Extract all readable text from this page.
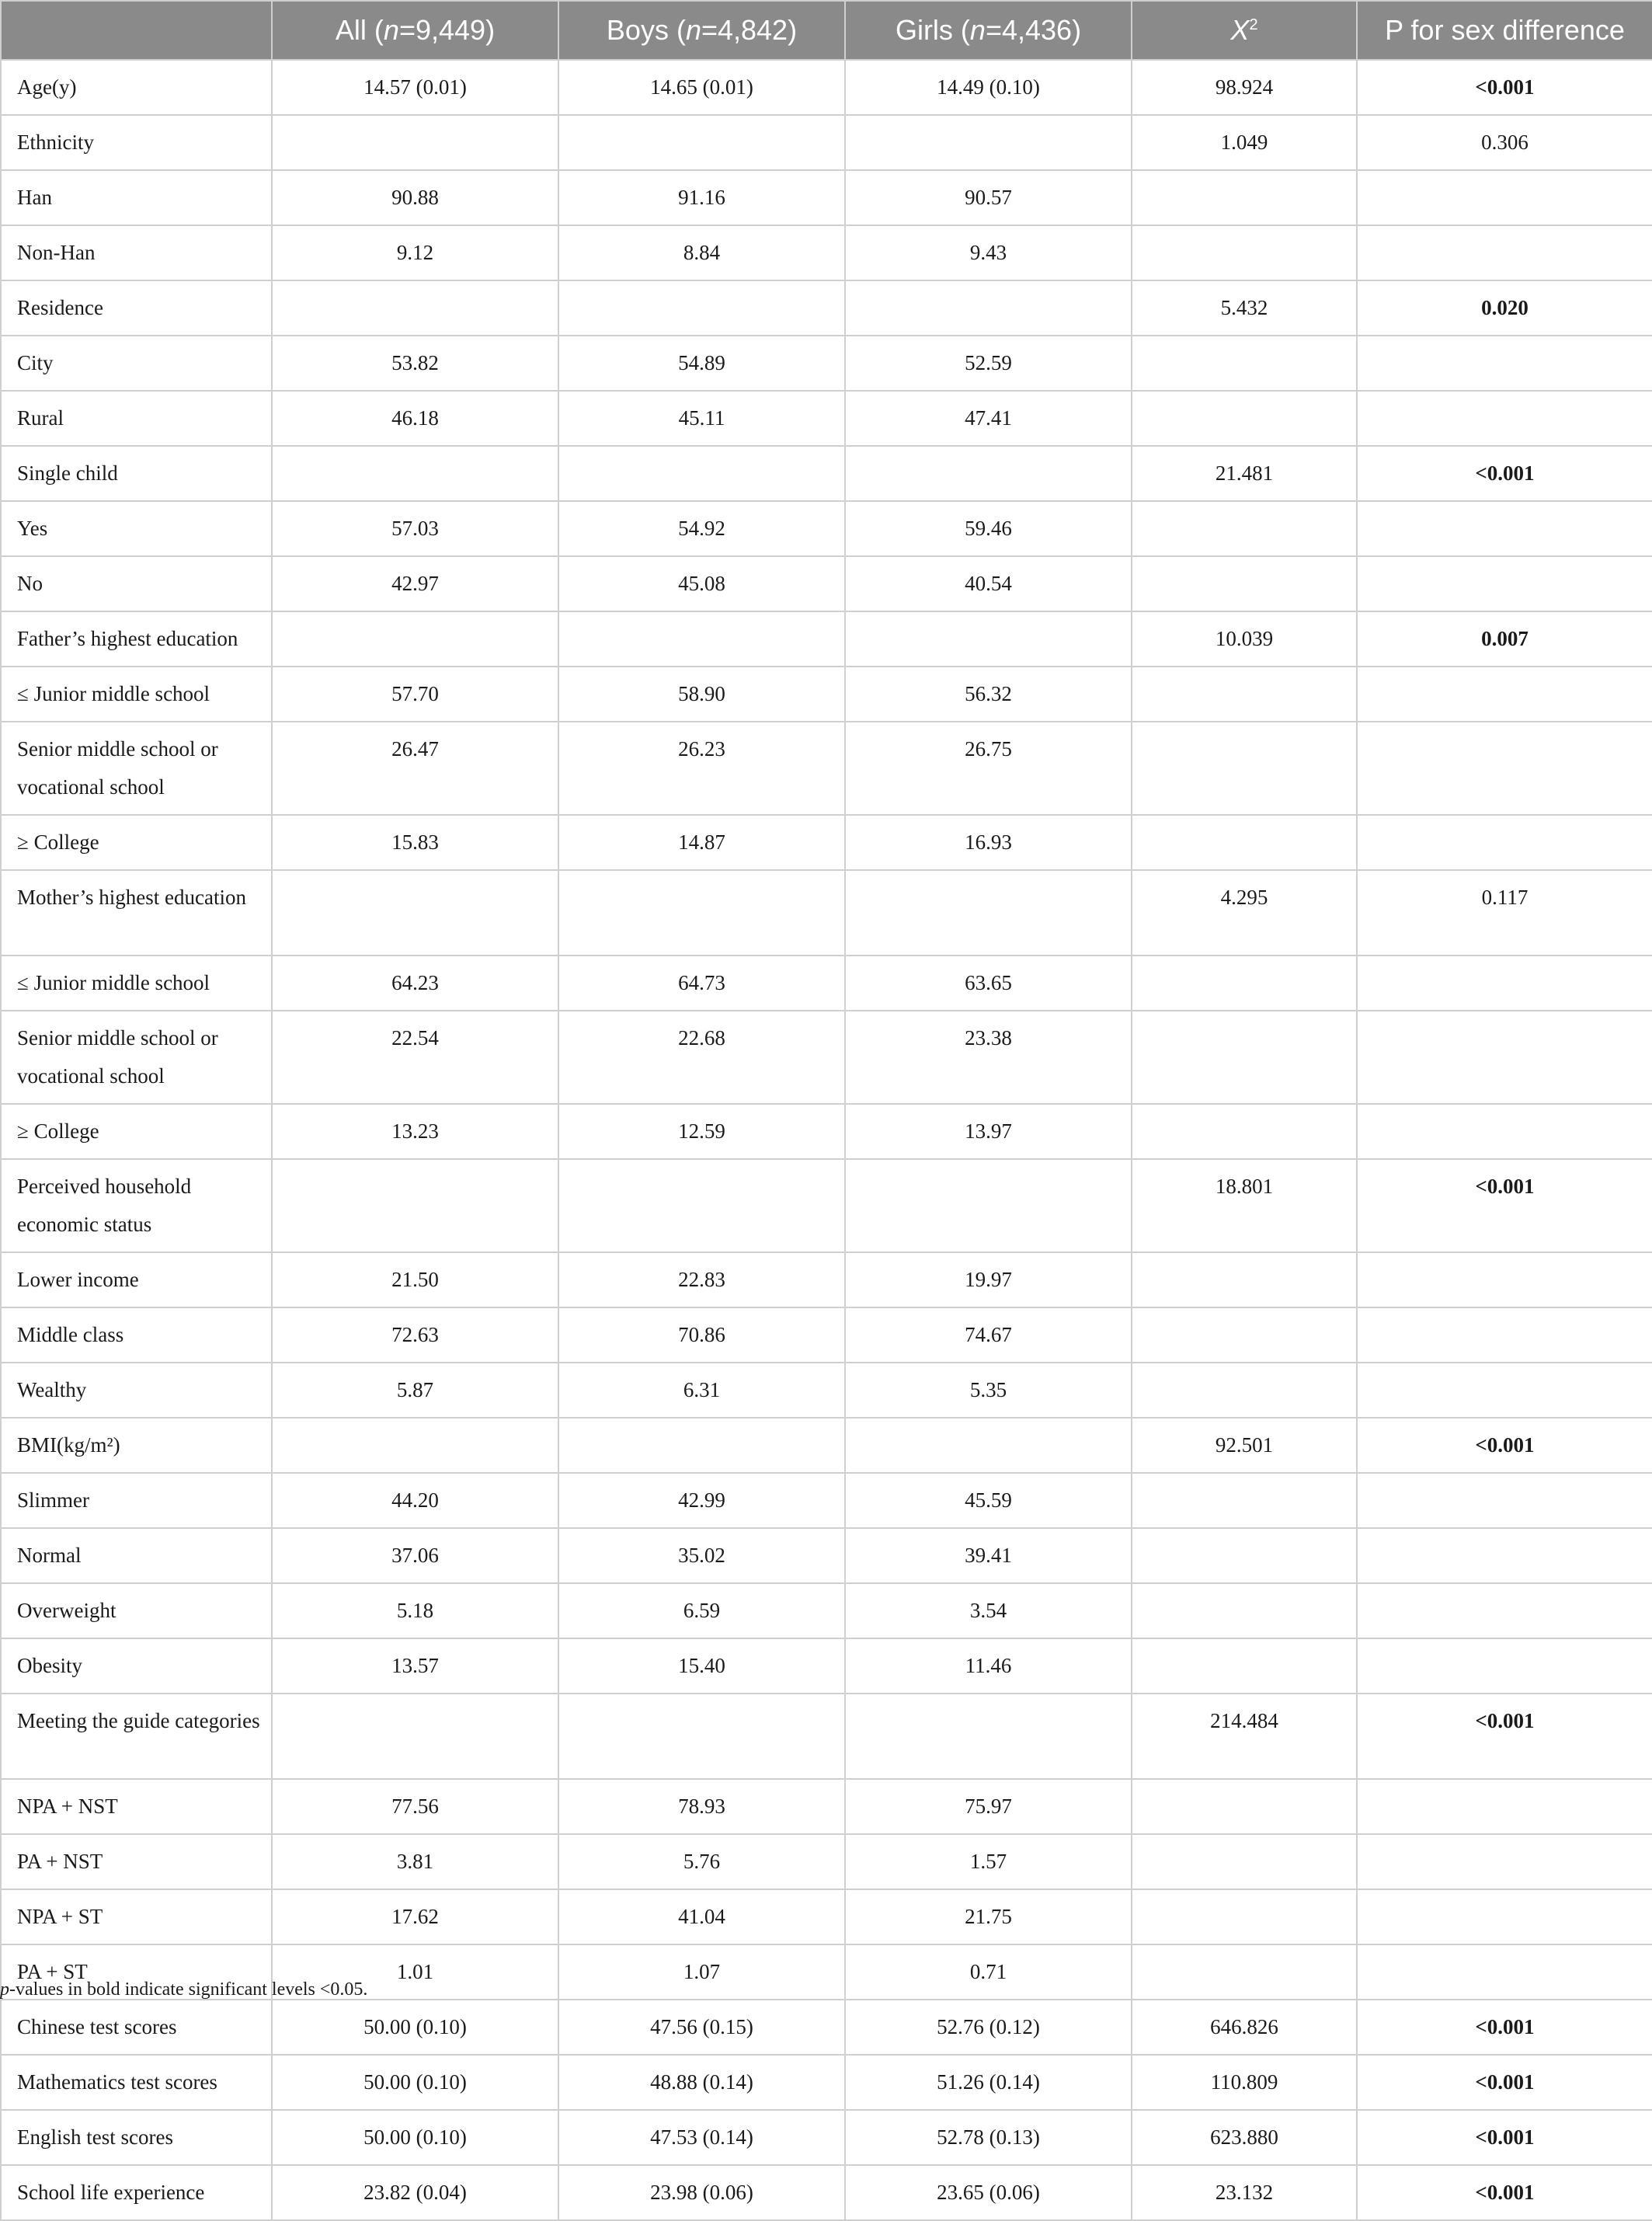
	All (n=9,449)	Boys (n=4,842)	Girls (n=4,436)	$X^2$	P for sex difference
Age(y)	14.57 (0.01)	14.65 (0.01)	14.49 (0.10)	98.924	<0.001
Ethnicity				1.049	0.306
Han	90.88	91.16	90.57		
Non-Han	9.12	8.84	9.43		
Residence				5.432	0.020
City	53.82	54.89	52.59		
Rural	46.18	45.11	47.41		
Single child				21.481	<0.001
Yes	57.03	54.92	59.46		
No	42.97	45.08	40.54		
Father’s highest education				10.039	0.007
≤ Junior middle school	57.70	58.90	56.32		
Senior middle school or vocational school	26.47	26.23	26.75		
≥ College	15.83	14.87	16.93		
Mother’s highest education				4.295	0.117
≤ Junior middle school	64.23	64.73	63.65		
Senior middle school or vocational school	22.54	22.68	23.38		
≥ College	13.23	12.59	13.97		
Perceived household economic status				18.801	<0.001
Lower income	21.50	22.83	19.97		
Middle class	72.63	70.86	74.67		
Wealthy	5.87	6.31	5.35		
BMI(kg/m²)				92.501	<0.001
Slimmer	44.20	42.99	45.59		
Normal	37.06	35.02	39.41		
Overweight	5.18	6.59	3.54		
Obesity	13.57	15.40	11.46		
Meeting the guide categories				214.484	<0.001
NPA + NST	77.56	78.93	75.97		
PA + NST	3.81	5.76	1.57		
NPA + ST	17.62	41.04	21.75		
PA + ST	1.01	1.07	0.71		
Chinese test scores	50.00 (0.10)	47.56 (0.15)	52.76 (0.12)	646.826	<0.001
Mathematics test scores	50.00 (0.10)	48.88 (0.14)	51.26 (0.14)	110.809	<0.001
English test scores	50.00 (0.10)	47.53 (0.14)	52.78 (0.13)	623.880	<0.001
School life experience	23.82 (0.04)	23.98 (0.06)	23.65 (0.06)	23.132	<0.001
p-values in bold indicate significant levels <0.05.
